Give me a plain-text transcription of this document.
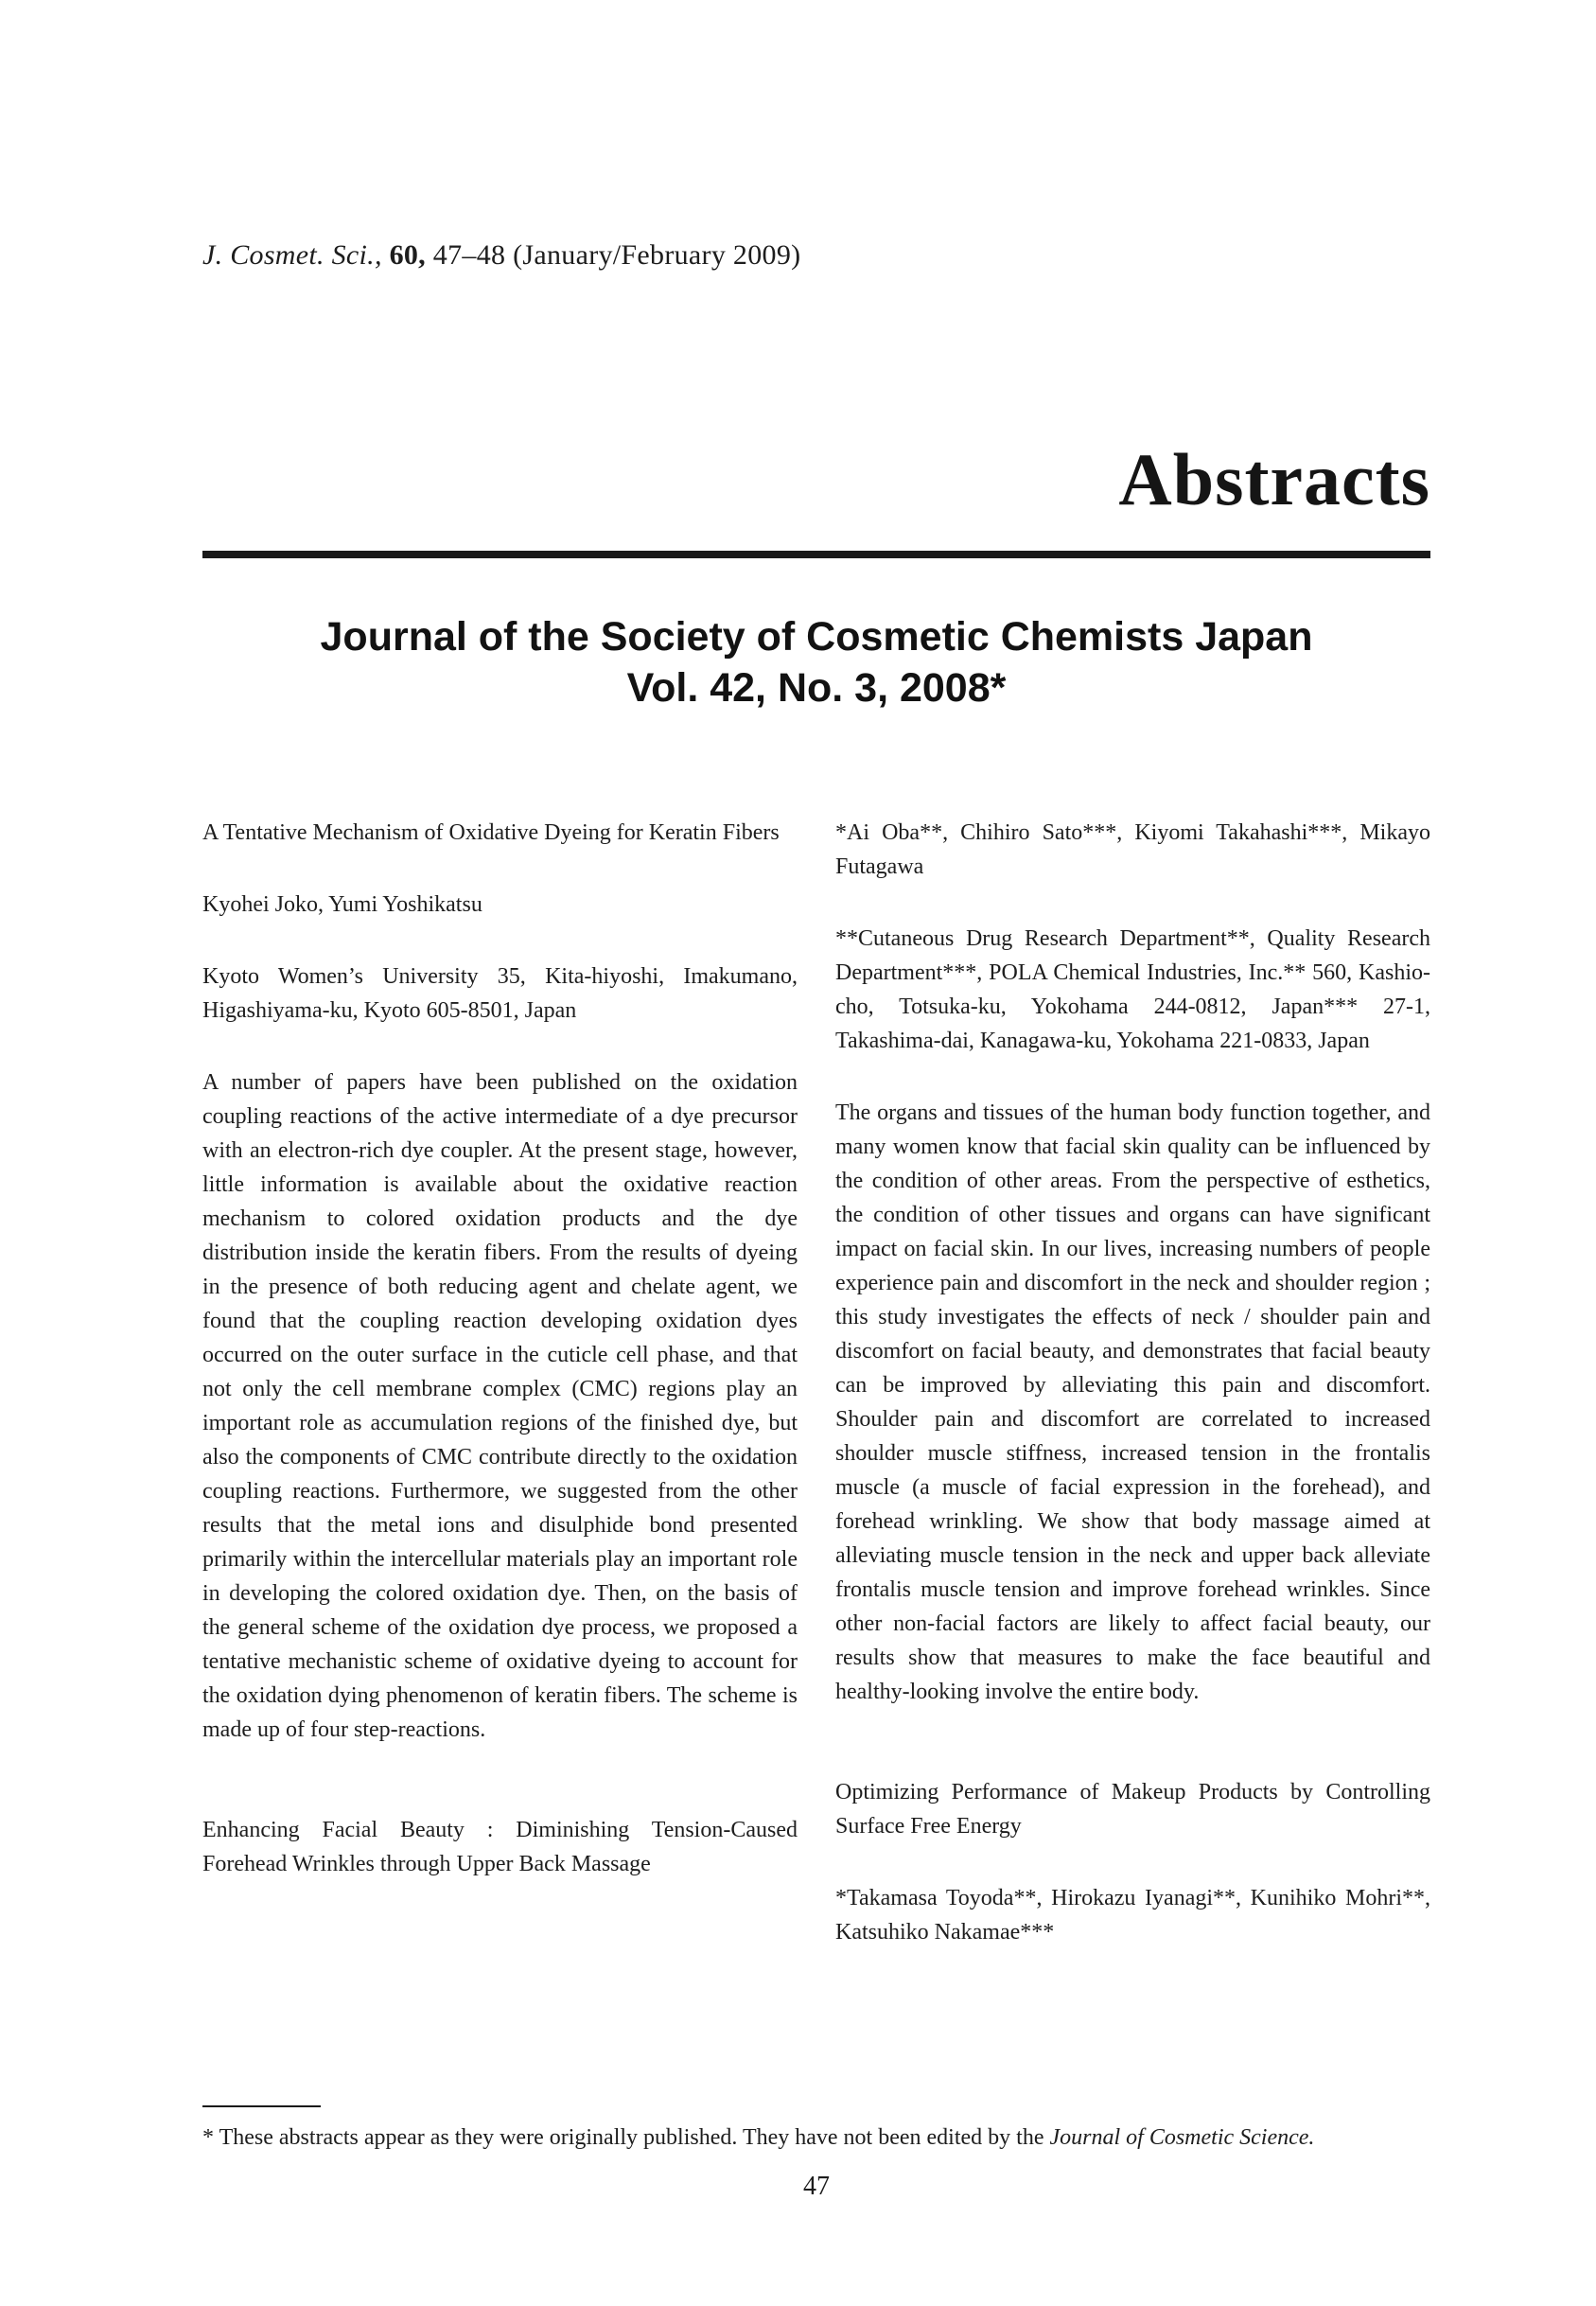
J. Cosmet. Sci., 60, 47–48 (January/February 2009)

Abstracts
Journal of the Society of Cosmetic Chemists Japan
Vol. 42, No. 3, 2008*

A Tentative Mechanism of Oxidative Dyeing for Keratin Fibers

Kyohei Joko, Yumi Yoshikatsu

Kyoto Women’s University 35, Kita-hiyoshi, Imakumano, Higashiyama-ku, Kyoto 605-8501, Japan

A number of papers have been published on the oxidation coupling reactions of the active intermediate of a dye precursor with an electron-rich dye coupler. At the present stage, however, little information is available about the oxidative reaction mechanism to colored oxidation products and the dye distribution inside the keratin fibers. From the results of dyeing in the presence of both reducing agent and chelate agent, we found that the coupling reaction developing oxidation dyes occurred on the outer surface in the cuticle cell phase, and that not only the cell membrane complex (CMC) regions play an important role as accumulation regions of the finished dye, but also the components of CMC contribute directly to the oxidation coupling reactions. Furthermore, we suggested from the other results that the metal ions and disulphide bond presented primarily within the intercellular materials play an important role in developing the colored oxidation dye. Then, on the basis of the general scheme of the oxidation dye process, we proposed a tentative mechanistic scheme of oxidative dyeing to account for the oxidation dying phenomenon of keratin fibers. The scheme is made up of four step-reactions.

Enhancing Facial Beauty : Diminishing Tension-Caused Forehead Wrinkles through Upper Back Massage

*Ai Oba**, Chihiro Sato***, Kiyomi Takahashi***, Mikayo Futagawa

**Cutaneous Drug Research Department**, Quality Research Department***, POLA Chemical Industries, Inc.** 560, Kashio-cho, Totsuka-ku, Yokohama 244-0812, Japan*** 27-1, Takashima-dai, Kanagawa-ku, Yokohama 221-0833, Japan

The organs and tissues of the human body function together, and many women know that facial skin quality can be influenced by the condition of other areas. From the perspective of esthetics, the condition of other tissues and organs can have significant impact on facial skin. In our lives, increasing numbers of people experience pain and discomfort in the neck and shoulder region ; this study investigates the effects of neck / shoulder pain and discomfort on facial beauty, and demonstrates that facial beauty can be improved by alleviating this pain and discomfort. Shoulder pain and discomfort are correlated to increased shoulder muscle stiffness, increased tension in the frontalis muscle (a muscle of facial expression in the forehead), and forehead wrinkling. We show that body massage aimed at alleviating muscle tension in the neck and upper back alleviate frontalis muscle tension and improve forehead wrinkles. Since other non-facial factors are likely to affect facial beauty, our results show that measures to make the face beautiful and healthy-looking involve the entire body.

Optimizing Performance of Makeup Products by Controlling Surface Free Energy

*Takamasa Toyoda**, Hirokazu Iyanagi**, Kunihiko Mohri**, Katsuhiko Nakamae***

* These abstracts appear as they were originally published. They have not been edited by the Journal of Cosmetic Science.

47
